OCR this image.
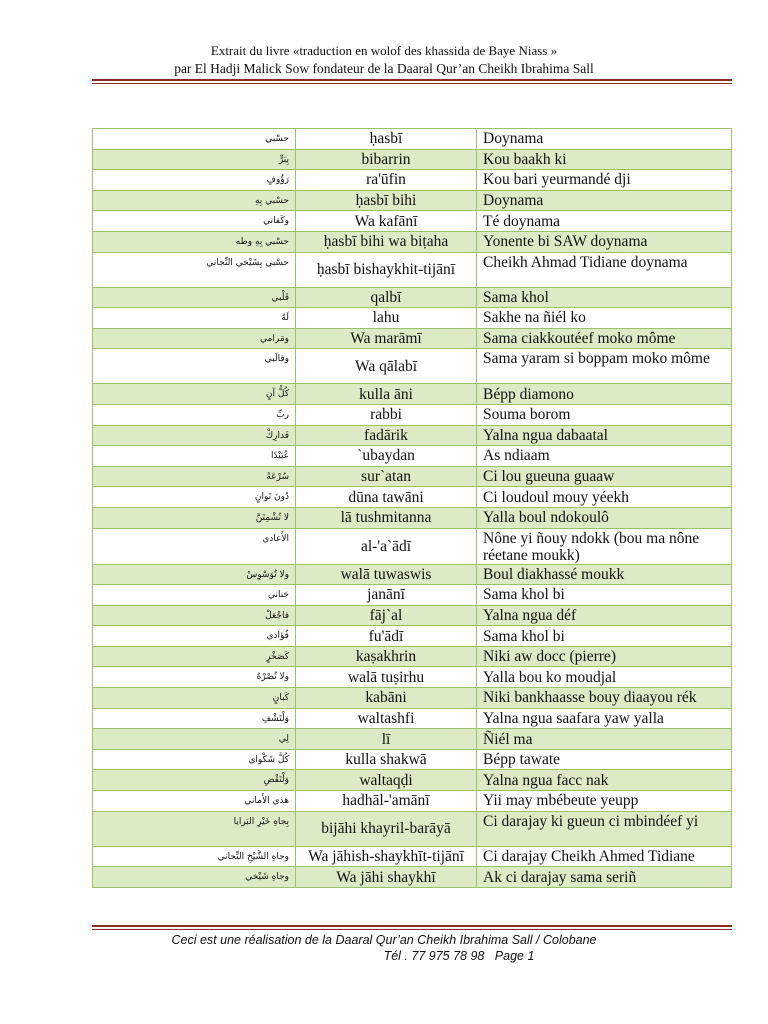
Extrait du livre «traduction en wolof des khassida de Baye Niass »
par El Hadji Malick Sow fondateur de la Daaral Qur’an Cheikh Ibrahima Sall
حسْبي	ḥasbī	Doynama
بِبَرٍّ	bibarrin	Kou baakh ki
رَؤُوفٍ	ra'ūfin	Kou bari yeurmandé dji
حسْبي بِهِ	ḥasbī bihi	Doynama
وكَفاني	Wa kafānī	Té doynama
حسْبي بِهِ وطه	ḥasbī bihi wa biṭaha	Yonente bi SAW doynama
حسْبي بِشَيْخي التِّجاني	ḥasbī bishaykhit-tijānī	Cheikh Ahmad Tidiane doynama
قَلْبي	qalbī	Sama khol
لَهُ	lahu	Sakhe na ñiél ko
ومَرامي	Wa marāmī	Sama ciakkoutéef moko môme
وقالَبي	Wa qālabī	Sama yaram si boppam moko môme
كُلُّ آنٍ	kulla āni	Bépp diamono
ربِّ	rabbi	Souma borom
فَدارِكْ	fadārik	Yalna ngua dabaatal
عُبَيْدًا	`ubaydan	As ndiaam
سُرْعَةً	sur`atan	Ci lou gueuna guaaw
دُونَ تَوانٍ	dūna tawāni	Ci loudoul mouy yéekh
لا تُشْمِتَنَّ	lā tushmitanna	Yalla boul ndokoulô
الأَعادي	al-'a`ādī	Nône yi ñouy ndokk (bou ma nône réetane moukk)
ولا تُوَسْوِسْ	walā tuwaswis	Boul diakhassé moukk
جَناني	janānī	Sama khol bi
فاجْعَلْ	fāj`al	Yalna ngua déf
فُؤادي	fu'ādī	Sama khol bi
كَصَخْرٍ	kaṣakhrin	Niki aw docc (pierre)
ولا تُصْرْهُ	walā tuṣirhu	Yalla bou ko moudjal
كَبانٍ	kabāni	Niki bankhaasse bouy diaayou rék
وَلْتَشْفِ	waltashfi	Yalna ngua saafara yaw yalla
لِي	lī	Ñiél ma
كُلَّ شَكْواي	kulla shakwā	Bépp tawate
وَلْتَقْضِ	waltaqḍi	Yalna ngua facc nak
هذي الأَماني	hadhāl-'amānī	Yii may mbébeute yeupp
بِجاهِ خَيْرِ البَرايا	bijāhi khayril-barāyā	Ci darajay ki gueun ci mbindéef yi
وجاهِ الشَّيْخِ التِّجاني	Wa jāhish-shaykhīt-tijānī	Ci darajay Cheikh Ahmed Tidiane
وجاهِ شَيْخي	Wa jāhi shaykhī	Ak ci darajay sama seriñ
Ceci est une réalisation de la Daaral Qur’an Cheikh Ibrahima Sall / Colobane
Tél . 77 975 78 98 Page 1
